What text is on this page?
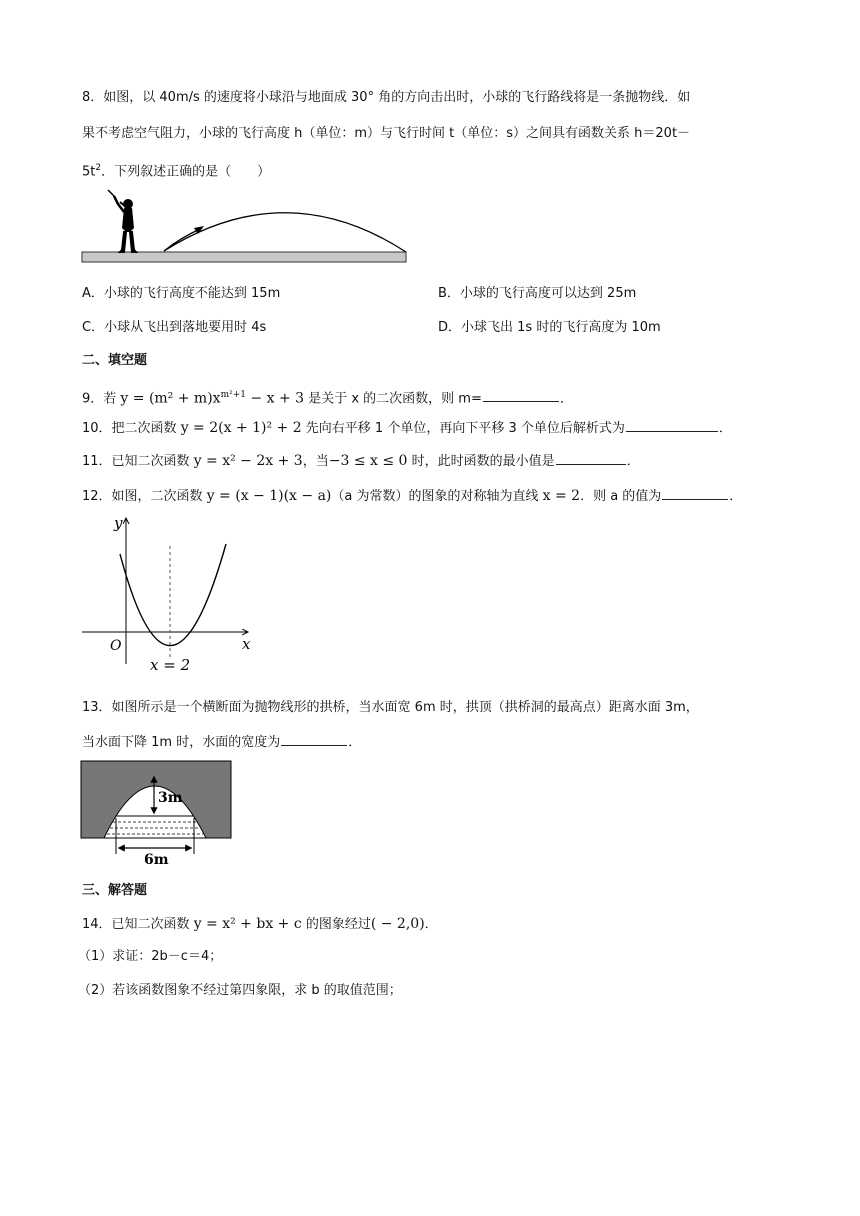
8．如图，以 40m/s 的速度将小球沿与地面成 30° 角的方向击出时，小球的飞行路线将是一条抛物线．如
果不考虑空气阻力，小球的飞行高度 h（单位：m）与飞行时间 t（单位：s）之间具有函数关系 h＝20t－
$5t^2$．下列叙述正确的是（　　）
A．小球的飞行高度不能达到 15m	B．小球的飞行高度可以达到 25m
C．小球从飞出到落地要用时 4s	D．小球飞出 1s 时的飞行高度为 10m
二、填空题
9．若 $y = (m^2 + m)x^{m^2+1} - x + 3$ 是关于 x 的二次函数，则 m=	．
10．把二次函数 y = 2(x + 1)² + 2 先向右平移 1 个单位，再向下平移 3 个单位后解析式为	．
11．已知二次函数 y = x² − 2x + 3，当−3 ≤ x ≤ 0 时，此时函数的最小值是	．
12．如图，二次函数 y = (x − 1)(x − a)（a 为常数）的图象的对称轴为直线 x = 2．则 a 的值为	．
y
x
O
x = 2
13．如图所示是一个横断面为抛物线形的拱桥，当水面宽 6m 时，拱顶（拱桥洞的最高点）距离水面 3m，
当水面下降 1m 时，水面的宽度为	．
3m
6m
三、解答题
14．已知二次函数 y = x² + bx + c 的图象经过( − 2,0)．
（1）求证：2b－c＝4；
（2）若该函数图象不经过第四象限，求 b 的取值范围；
